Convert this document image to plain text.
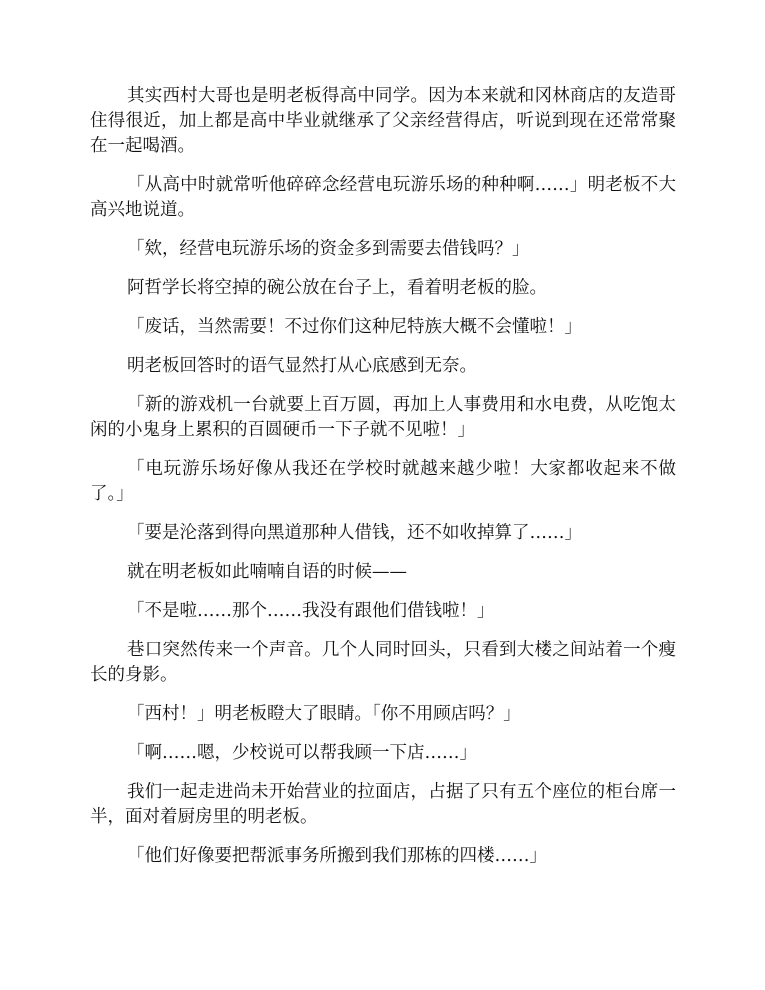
其实西村大哥也是明老板得高中同学。因为本来就和冈林商店的友造哥住得很近，加上都是高中毕业就继承了父亲经营得店，听说到现在还常常聚在一起喝酒。

「从高中时就常听他碎碎念经营电玩游乐场的种种啊……」明老板不大高兴地说道。

「欸，经营电玩游乐场的资金多到需要去借钱吗？」

阿哲学长将空掉的碗公放在台子上，看着明老板的脸。

「废话，当然需要！不过你们这种尼特族大概不会懂啦！」

明老板回答时的语气显然打从心底感到无奈。

「新的游戏机一台就要上百万圆，再加上人事费用和水电费，从吃饱太闲的小鬼身上累积的百圆硬币一下子就不见啦！」

「电玩游乐场好像从我还在学校时就越来越少啦！大家都收起来不做了。」

「要是沦落到得向黑道那种人借钱，还不如收掉算了……」

就在明老板如此喃喃自语的时候——

「不是啦……那个……我没有跟他们借钱啦！」

巷口突然传来一个声音。几个人同时回头，只看到大楼之间站着一个瘦长的身影。

「西村！」明老板瞪大了眼睛。「你不用顾店吗？」

「啊……嗯，少校说可以帮我顾一下店……」

我们一起走进尚未开始营业的拉面店，占据了只有五个座位的柜台席一半，面对着厨房里的明老板。

「他们好像要把帮派事务所搬到我们那栋的四楼……」
